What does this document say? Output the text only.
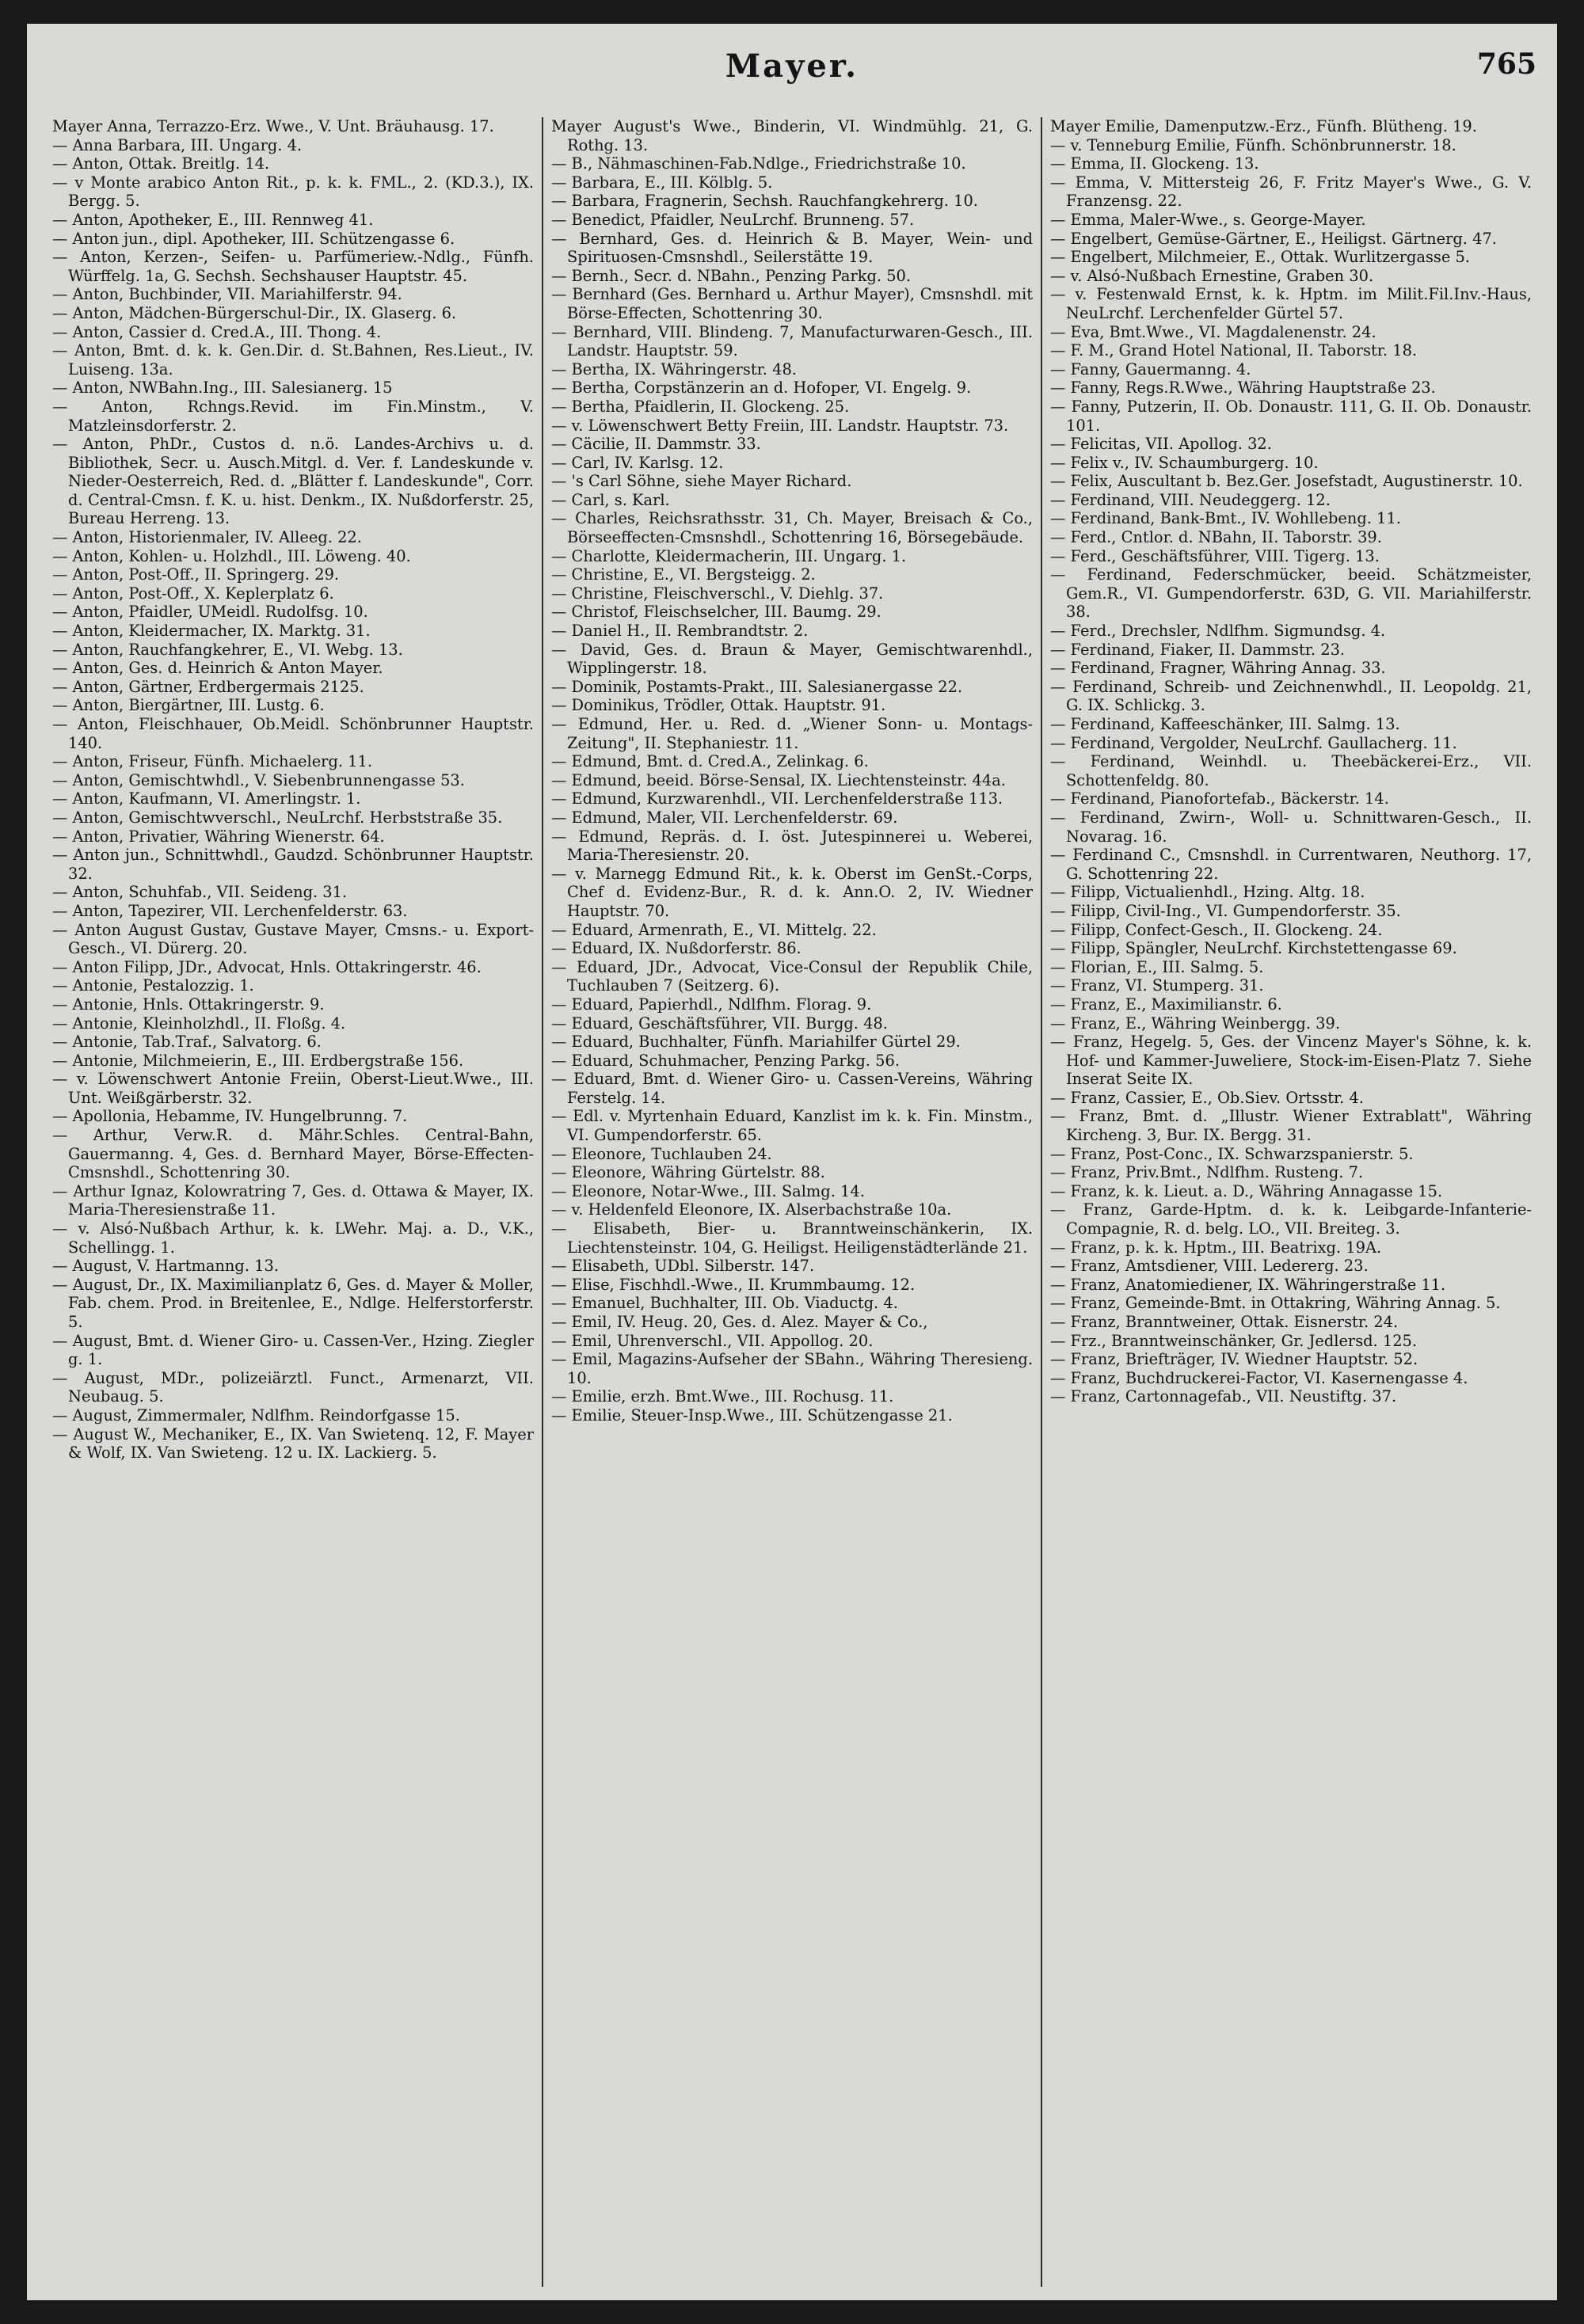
Mayer.	765
Mayer Anna, Terrazzo-Erz. Wwe., V. Unt. Bräuhausg. 17.
— Anna Barbara, III. Ungarg. 4.
— Anton, Ottak. Breitlg. 14.
— v Monte arabico Anton Rit., p. k. k. FML., 2. (KD.3.), IX. Bergg. 5.
— Anton, Apotheker, E., III. Rennweg 41.
— Anton jun., dipl. Apotheker, III. Schützengasse 6.
— Anton, Kerzen-, Seifen- u. Parfümeriew.-Ndlg., Fünfh. Würffelg. 1a, G. Sechsh. Sechshauser Hauptstr. 45.
— Anton, Buchbinder, VII. Mariahilferstr. 94.
— Anton, Mädchen-Bürgerschul-Dir., IX. Glaserg. 6.
— Anton, Cassier d. Cred.A., III. Thong. 4.
— Anton, Bmt. d. k. k. Gen.Dir. d. St.Bahnen, Res.Lieut., IV. Luiseng. 13a.
— Anton, NWBahn.Ing., III. Salesianerg. 15
— Anton, Rchngs.Revid. im Fin.Minstm., V. Matzleinsdorferstr. 2.
— Anton, PhDr., Custos d. n.ö. Landes-Archivs u. d. Bibliothek, Secr. u. Ausch.Mitgl. d. Ver. f. Landeskunde v. Nieder-Oesterreich, Red. d. „Blätter f. Landeskunde", Corr. d. Central-Cmsn. f. K. u. hist. Denkm., IX. Nußdorferstr. 25, Bureau Herreng. 13.
— Anton, Historienmaler, IV. Alleeg. 22.
— Anton, Kohlen- u. Holzhdl., III. Löweng. 40.
— Anton, Post-Off., II. Springerg. 29.
— Anton, Post-Off., X. Keplerplatz 6.
— Anton, Pfaidler, UMeidl. Rudolfsg. 10.
— Anton, Kleidermacher, IX. Marktg. 31.
— Anton, Rauchfangkehrer, E., VI. Webg. 13.
— Anton, Ges. d. Heinrich & Anton Mayer.
— Anton, Gärtner, Erdbergermais 2125.
— Anton, Biergärtner, III. Lustg. 6.
— Anton, Fleischhauer, Ob.Meidl. Schönbrunner Hauptstr. 140.
— Anton, Friseur, Fünfh. Michaelerg. 11.
— Anton, Gemischtwhdl., V. Siebenbrunnengasse 53.
— Anton, Kaufmann, VI. Amerlingstr. 1.
— Anton, Gemischtwverschl., NeuLrchf. Herbststraße 35.
— Anton, Privatier, Währing Wienerstr. 64.
— Anton jun., Schnittwhdl., Gaudzd. Schönbrunner Hauptstr. 32.
— Anton, Schuhfab., VII. Seideng. 31.
— Anton, Tapezirer, VII. Lerchenfelderstr. 63.
— Anton August Gustav, Gustave Mayer, Cmsns.- u. Export-Gesch., VI. Dürerg. 20.
— Anton Filipp, JDr., Advocat, Hnls. Ottakringerstr. 46.
— Antonie, Pestalozzig. 1.
— Antonie, Hnls. Ottakringerstr. 9.
— Antonie, Kleinholzhdl., II. Floßg. 4.
— Antonie, Tab.Traf., Salvatorg. 6.
— Antonie, Milchmeierin, E., III. Erdbergstraße 156.
— v. Löwenschwert Antonie Freiin, Oberst-Lieut.Wwe., III. Unt. Weißgärberstr. 32.
— Apollonia, Hebamme, IV. Hungelbrunng. 7.
— Arthur, Verw.R. d. Mähr.Schles. Central-Bahn, Gauermanng. 4, Ges. d. Bernhard Mayer, Börse-Effecten-Cmsnshdl., Schottenring 30.
— Arthur Ignaz, Kolowratring 7, Ges. d. Ottawa & Mayer, IX. Maria-Theresienstraße 11.
— v. Alsó-Nußbach Arthur, k. k. LWehr. Maj. a. D., V.K., Schellingg. 1.
— August, V. Hartmanng. 13.
— August, Dr., IX. Maximilianplatz 6, Ges. d. Mayer & Moller, Fab. chem. Prod. in Breitenlee, E., Ndlge. Helferstorferstr. 5.
— August, Bmt. d. Wiener Giro- u. Cassen-Ver., Hzing. Ziegler g. 1.
— August, MDr., polizeiärztl. Funct., Armenarzt, VII. Neubaug. 5.
— August, Zimmermaler, Ndlfhm. Reindorfgasse 15.
— August W., Mechaniker, E., IX. Van Swietenq. 12, F. Mayer & Wolf, IX. Van Swieteng. 12 u. IX. Lackierg. 5.
Mayer August's Wwe., Binderin, VI. Windmühlg. 21, G. Rothg. 13.
— B., Nähmaschinen-Fab.Ndlge., Friedrichstraße 10.
— Barbara, E., III. Kölblg. 5.
— Barbara, Fragnerin, Sechsh. Rauchfangkehrerg. 10.
— Benedict, Pfaidler, NeuLrchf. Brunneng. 57.
— Bernhard, Ges. d. Heinrich & B. Mayer, Wein- und Spirituosen-Cmsnshdl., Seilerstätte 19.
— Bernh., Secr. d. NBahn., Penzing Parkg. 50.
— Bernhard (Ges. Bernhard u. Arthur Mayer), Cmsnshdl. mit Börse-Effecten, Schottenring 30.
— Bernhard, VIII. Blindeng. 7, Manufacturwaren-Gesch., III. Landstr. Hauptstr. 59.
— Bertha, IX. Währingerstr. 48.
— Bertha, Corpstänzerin an d. Hofoper, VI. Engelg. 9.
— Bertha, Pfaidlerin, II. Glockeng. 25.
— v. Löwenschwert Betty Freiin, III. Landstr. Hauptstr. 73.
— Cäcilie, II. Dammstr. 33.
— Carl, IV. Karlsg. 12.
— 's Carl Söhne, siehe Mayer Richard.
— Carl, s. Karl.
— Charles, Reichsrathsstr. 31, Ch. Mayer, Breisach & Co., Börseeffecten-Cmsnshdl., Schottenring 16, Börsegebäude.
— Charlotte, Kleidermacherin, III. Ungarg. 1.
— Christine, E., VI. Bergsteigg. 2.
— Christine, Fleischverschl., V. Diehlg. 37.
— Christof, Fleischselcher, III. Baumg. 29.
— Daniel H., II. Rembrandtstr. 2.
— David, Ges. d. Braun & Mayer, Gemischtwarenhdl., Wipplingerstr. 18.
— Dominik, Postamts-Prakt., III. Salesianergasse 22.
— Dominikus, Trödler, Ottak. Hauptstr. 91.
— Edmund, Her. u. Red. d. „Wiener Sonn- u. Montags-Zeitung", II. Stephaniestr. 11.
— Edmund, Bmt. d. Cred.A., Zelinkag. 6.
— Edmund, beeid. Börse-Sensal, IX. Liechtensteinstr. 44a.
— Edmund, Kurzwarenhdl., VII. Lerchenfelderstraße 113.
— Edmund, Maler, VII. Lerchenfelderstr. 69.
— Edmund, Repräs. d. I. öst. Jutespinnerei u. Weberei, Maria-Theresienstr. 20.
— v. Marnegg Edmund Rit., k. k. Oberst im GenSt.-Corps, Chef d. Evidenz-Bur., R. d. k. Ann.O. 2, IV. Wiedner Hauptstr. 70.
— Eduard, Armenrath, E., VI. Mittelg. 22.
— Eduard, IX. Nußdorferstr. 86.
— Eduard, JDr., Advocat, Vice-Consul der Republik Chile, Tuchlauben 7 (Seitzerg. 6).
— Eduard, Papierhdl., Ndlfhm. Florag. 9.
— Eduard, Geschäftsführer, VII. Burgg. 48.
— Eduard, Buchhalter, Fünfh. Mariahilfer Gürtel 29.
— Eduard, Schuhmacher, Penzing Parkg. 56.
— Eduard, Bmt. d. Wiener Giro- u. Cassen-Vereins, Währing Ferstelg. 14.
— Edl. v. Myrtenhain Eduard, Kanzlist im k. k. Fin. Minstm., VI. Gumpendorferstr. 65.
— Eleonore, Tuchlauben 24.
— Eleonore, Währing Gürtelstr. 88.
— Eleonore, Notar-Wwe., III. Salmg. 14.
— v. Heldenfeld Eleonore, IX. Alserbachstraße 10a.
— Elisabeth, Bier- u. Branntweinschänkerin, IX. Liechtensteinstr. 104, G. Heiligst. Heiligenstädterlände 21.
— Elisabeth, UDbl. Silberstr. 147.
— Elise, Fischhdl.-Wwe., II. Krummbaumg. 12.
— Emanuel, Buchhalter, III. Ob. Viaductg. 4.
— Emil, IV. Heug. 20, Ges. d. Alez. Mayer & Co.,
— Emil, Uhrenverschl., VII. Appollog. 20.
— Emil, Magazins-Aufseher der SBahn., Währing Theresieng. 10.
— Emilie, erzh. Bmt.Wwe., III. Rochusg. 11.
— Emilie, Steuer-Insp.Wwe., III. Schützengasse 21.
Mayer Emilie, Damenputzw.-Erz., Fünfh. Blütheng. 19.
— v. Tenneburg Emilie, Fünfh. Schönbrunnerstr. 18.
— Emma, II. Glockeng. 13.
— Emma, V. Mittersteig 26, F. Fritz Mayer's Wwe., G. V. Franzensg. 22.
— Emma, Maler-Wwe., s. George-Mayer.
— Engelbert, Gemüse-Gärtner, E., Heiligst. Gärtnerg. 47.
— Engelbert, Milchmeier, E., Ottak. Wurlitzergasse 5.
— v. Alsó-Nußbach Ernestine, Graben 30.
— v. Festenwald Ernst, k. k. Hptm. im Milit.Fil.Inv.-Haus, NeuLrchf. Lerchenfelder Gürtel 57.
— Eva, Bmt.Wwe., VI. Magdalenenstr. 24.
— F. M., Grand Hotel National, II. Taborstr. 18.
— Fanny, Gauermanng. 4.
— Fanny, Regs.R.Wwe., Währing Hauptstraße 23.
— Fanny, Putzerin, II. Ob. Donaustr. 111, G. II. Ob. Donaustr. 101.
— Felicitas, VII. Apollog. 32.
— Felix v., IV. Schaumburgerg. 10.
— Felix, Auscultant b. Bez.Ger. Josefstadt, Augustinerstr. 10.
— Ferdinand, VIII. Neudeggerg. 12.
— Ferdinand, Bank-Bmt., IV. Wohllebeng. 11.
— Ferd., Cntlor. d. NBahn, II. Taborstr. 39.
— Ferd., Geschäftsführer, VIII. Tigerg. 13.
— Ferdinand, Federschmücker, beeid. Schätzmeister, Gem.R., VI. Gumpendorferstr. 63D, G. VII. Mariahilferstr. 38.
— Ferd., Drechsler, Ndlfhm. Sigmundsg. 4.
— Ferdinand, Fiaker, II. Dammstr. 23.
— Ferdinand, Fragner, Währing Annag. 33.
— Ferdinand, Schreib- und Zeichnenwhdl., II. Leopoldg. 21, G. IX. Schlickg. 3.
— Ferdinand, Kaffeeschänker, III. Salmg. 13.
— Ferdinand, Vergolder, NeuLrchf. Gaullacherg. 11.
— Ferdinand, Weinhdl. u. Theebäckerei-Erz., VII. Schottenfeldg. 80.
— Ferdinand, Pianofortefab., Bäckerstr. 14.
— Ferdinand, Zwirn-, Woll- u. Schnittwaren-Gesch., II. Novarag. 16.
— Ferdinand C., Cmsnshdl. in Currentwaren, Neuthorg. 17, G. Schottenring 22.
— Filipp, Victualienhdl., Hzing. Altg. 18.
— Filipp, Civil-Ing., VI. Gumpendorferstr. 35.
— Filipp, Confect-Gesch., II. Glockeng. 24.
— Filipp, Spängler, NeuLrchf. Kirchstettengasse 69.
— Florian, E., III. Salmg. 5.
— Franz, VI. Stumperg. 31.
— Franz, E., Maximilianstr. 6.
— Franz, E., Währing Weinbergg. 39.
— Franz, Hegelg. 5, Ges. der Vincenz Mayer's Söhne, k. k. Hof- und Kammer-Juweliere, Stock-im-Eisen-Platz 7. Siehe Inserat Seite IX.
— Franz, Cassier, E., Ob.Siev. Ortsstr. 4.
— Franz, Bmt. d. „Illustr. Wiener Extrablatt", Währing Kircheng. 3, Bur. IX. Bergg. 31.
— Franz, Post-Conc., IX. Schwarzspanierstr. 5.
— Franz, Priv.Bmt., Ndlfhm. Rusteng. 7.
— Franz, k. k. Lieut. a. D., Währing Annagasse 15.
— Franz, Garde-Hptm. d. k. k. Leibgarde-Infanterie-Compagnie, R. d. belg. LO., VII. Breiteg. 3.
— Franz, p. k. k. Hptm., III. Beatrixg. 19A.
— Franz, Amtsdiener, VIII. Ledererg. 23.
— Franz, Anatomiediener, IX. Währingerstraße 11.
— Franz, Gemeinde-Bmt. in Ottakring, Währing Annag. 5.
— Franz, Branntweiner, Ottak. Eisnerstr. 24.
— Frz., Branntweinschänker, Gr. Jedlersd. 125.
— Franz, Briefträger, IV. Wiedner Hauptstr. 52.
— Franz, Buchdruckerei-Factor, VI. Kasernengasse 4.
— Franz, Cartonnagefab., VII. Neustiftg. 37.
